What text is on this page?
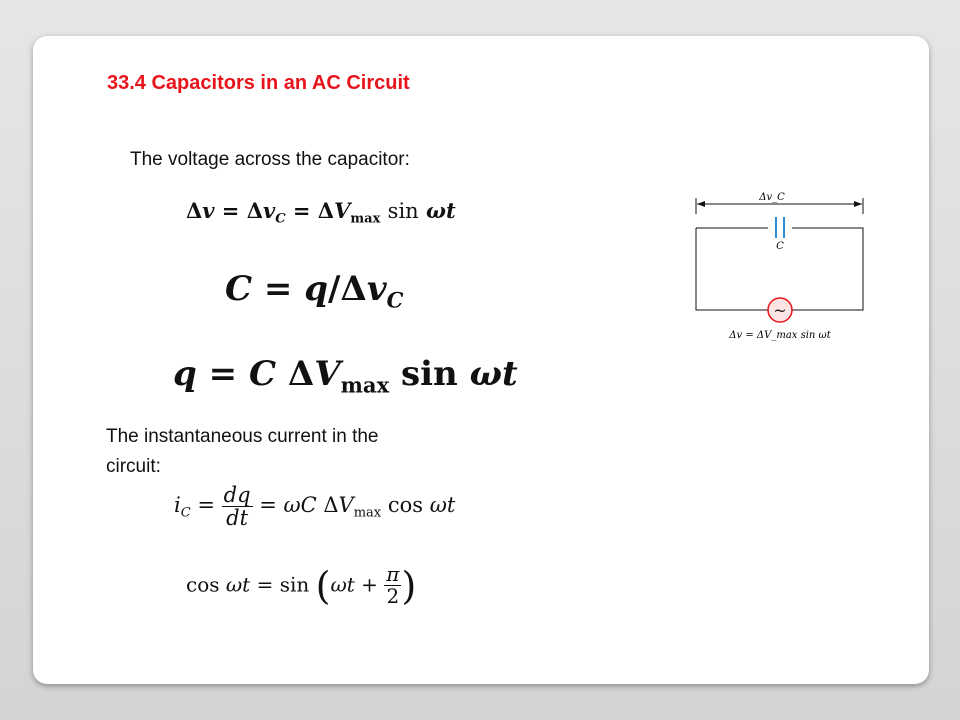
33.4 Capacitors in an AC Circuit
The voltage across the capacitor:
$\Delta v = \Delta v_C = \Delta V_{max}$ sin ωt
$C = q/\Delta v_C$
q = C $\Delta V_{max}$ sin ωt
The instantaneous current in the
circuit:
$i_C = \frac{dq}{dt} = \omega C$ $\Delta V_{max}$ cos ωt
$\cos \omega t = \sin (\omega t + \frac{\pi}{2}$ )
Δv_C
C
~
Δv = ΔV_max sin ωt
